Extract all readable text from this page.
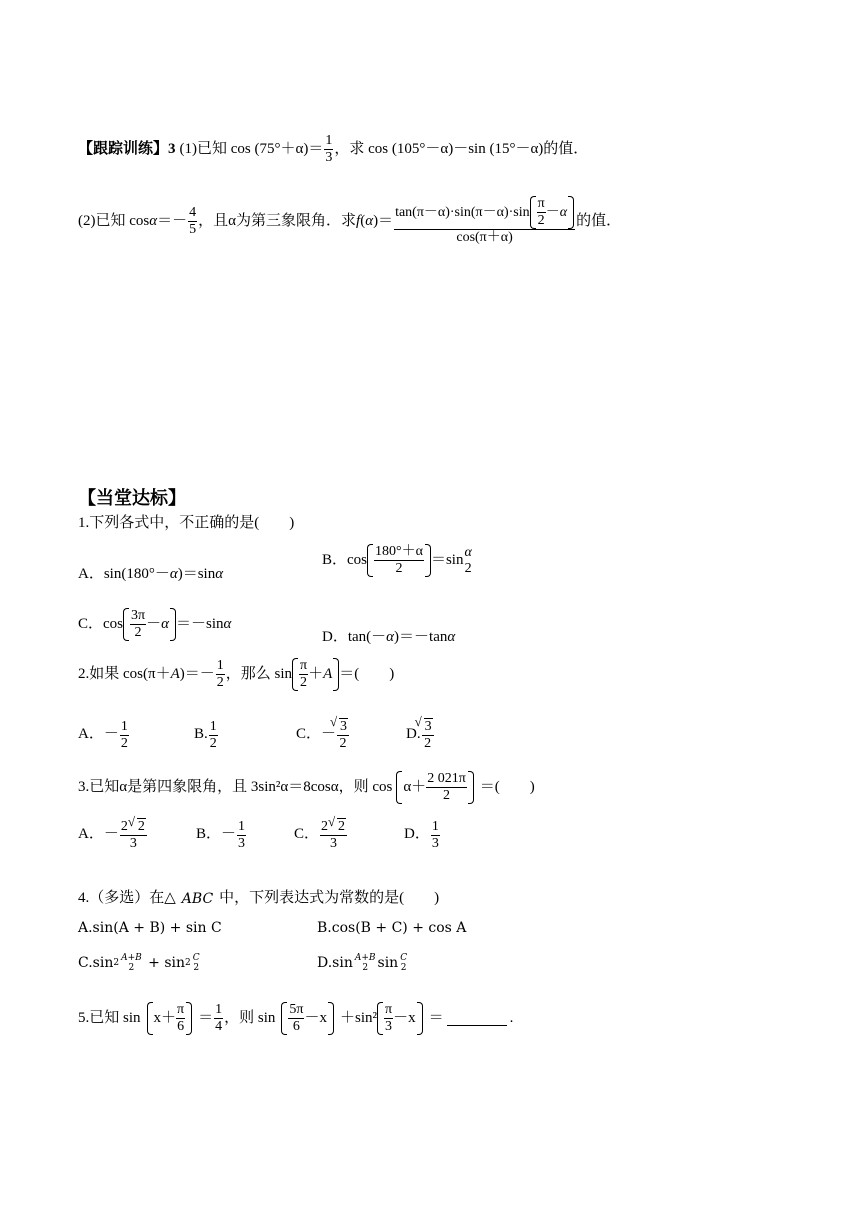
【跟踪训练】3 (1)已知 $\cos (75^\circ+\alpha)= \frac{1}{3}$ ，求 cos (105°－α)－sin (15°－α)的值．
(2)已知 $\cos \alpha =- \frac{4}{5}$ ，且α为第三象限角．求 f ( α )＝ $\frac{\tan(\pi-\alpha)\cdot\sin(\pi-\alpha)\cdot\sin \frac{\pi}{2} - \alpha}{\cos(\pi+\alpha)}$ 的值．
【当堂达标】
1.下列各式中，不正确的是(　　)
A．sin(180°－ α )＝sin α
B．$\cos \frac{180^\circ+\alpha}{2} =\sin$ α
2
C．$\cos \frac{3\pi}{2} - \alpha =-\sin$ α
D．tan(－ α )＝－tan α
2.如果 cos(π＋ A )＝－ $\frac{1}{2}$ ，那么 $\sin \frac{\pi}{2} + A$ ＝(　　)
A．－ $\frac{1}{2}$	B. $\frac{1}{2}$	C．－ √ $\frac{3}{2}$	D. √ $\frac{3}{2}$
3.已知α是第四象限角，且 3sin²α＝8cosα，则 $\cos \alpha+ \frac{2 021\pi}{2}$ ＝(　　)
A．－ $\frac{2 √ 2}{3}$	B．－ $\frac{1}{3}$	C． $\frac{2 √ 2}{3}$	D． $\frac{1}{3}$
4.（多选）在△ ABC 中，下列表达式为常数的是(　　)
A.sin(A + B) + sin C	B.cos(B + C) + cos A
C.sin 2
A+B
2 + sin 2
C
2	D.sin A+B
2 sin C
2
5.已知 $\sin x + \frac{\pi}{6} = \frac{1}{4}$ ，则 $\sin \frac{5\pi}{6} - x +\sin^2 \frac{\pi}{3} - x$ ＝	.
